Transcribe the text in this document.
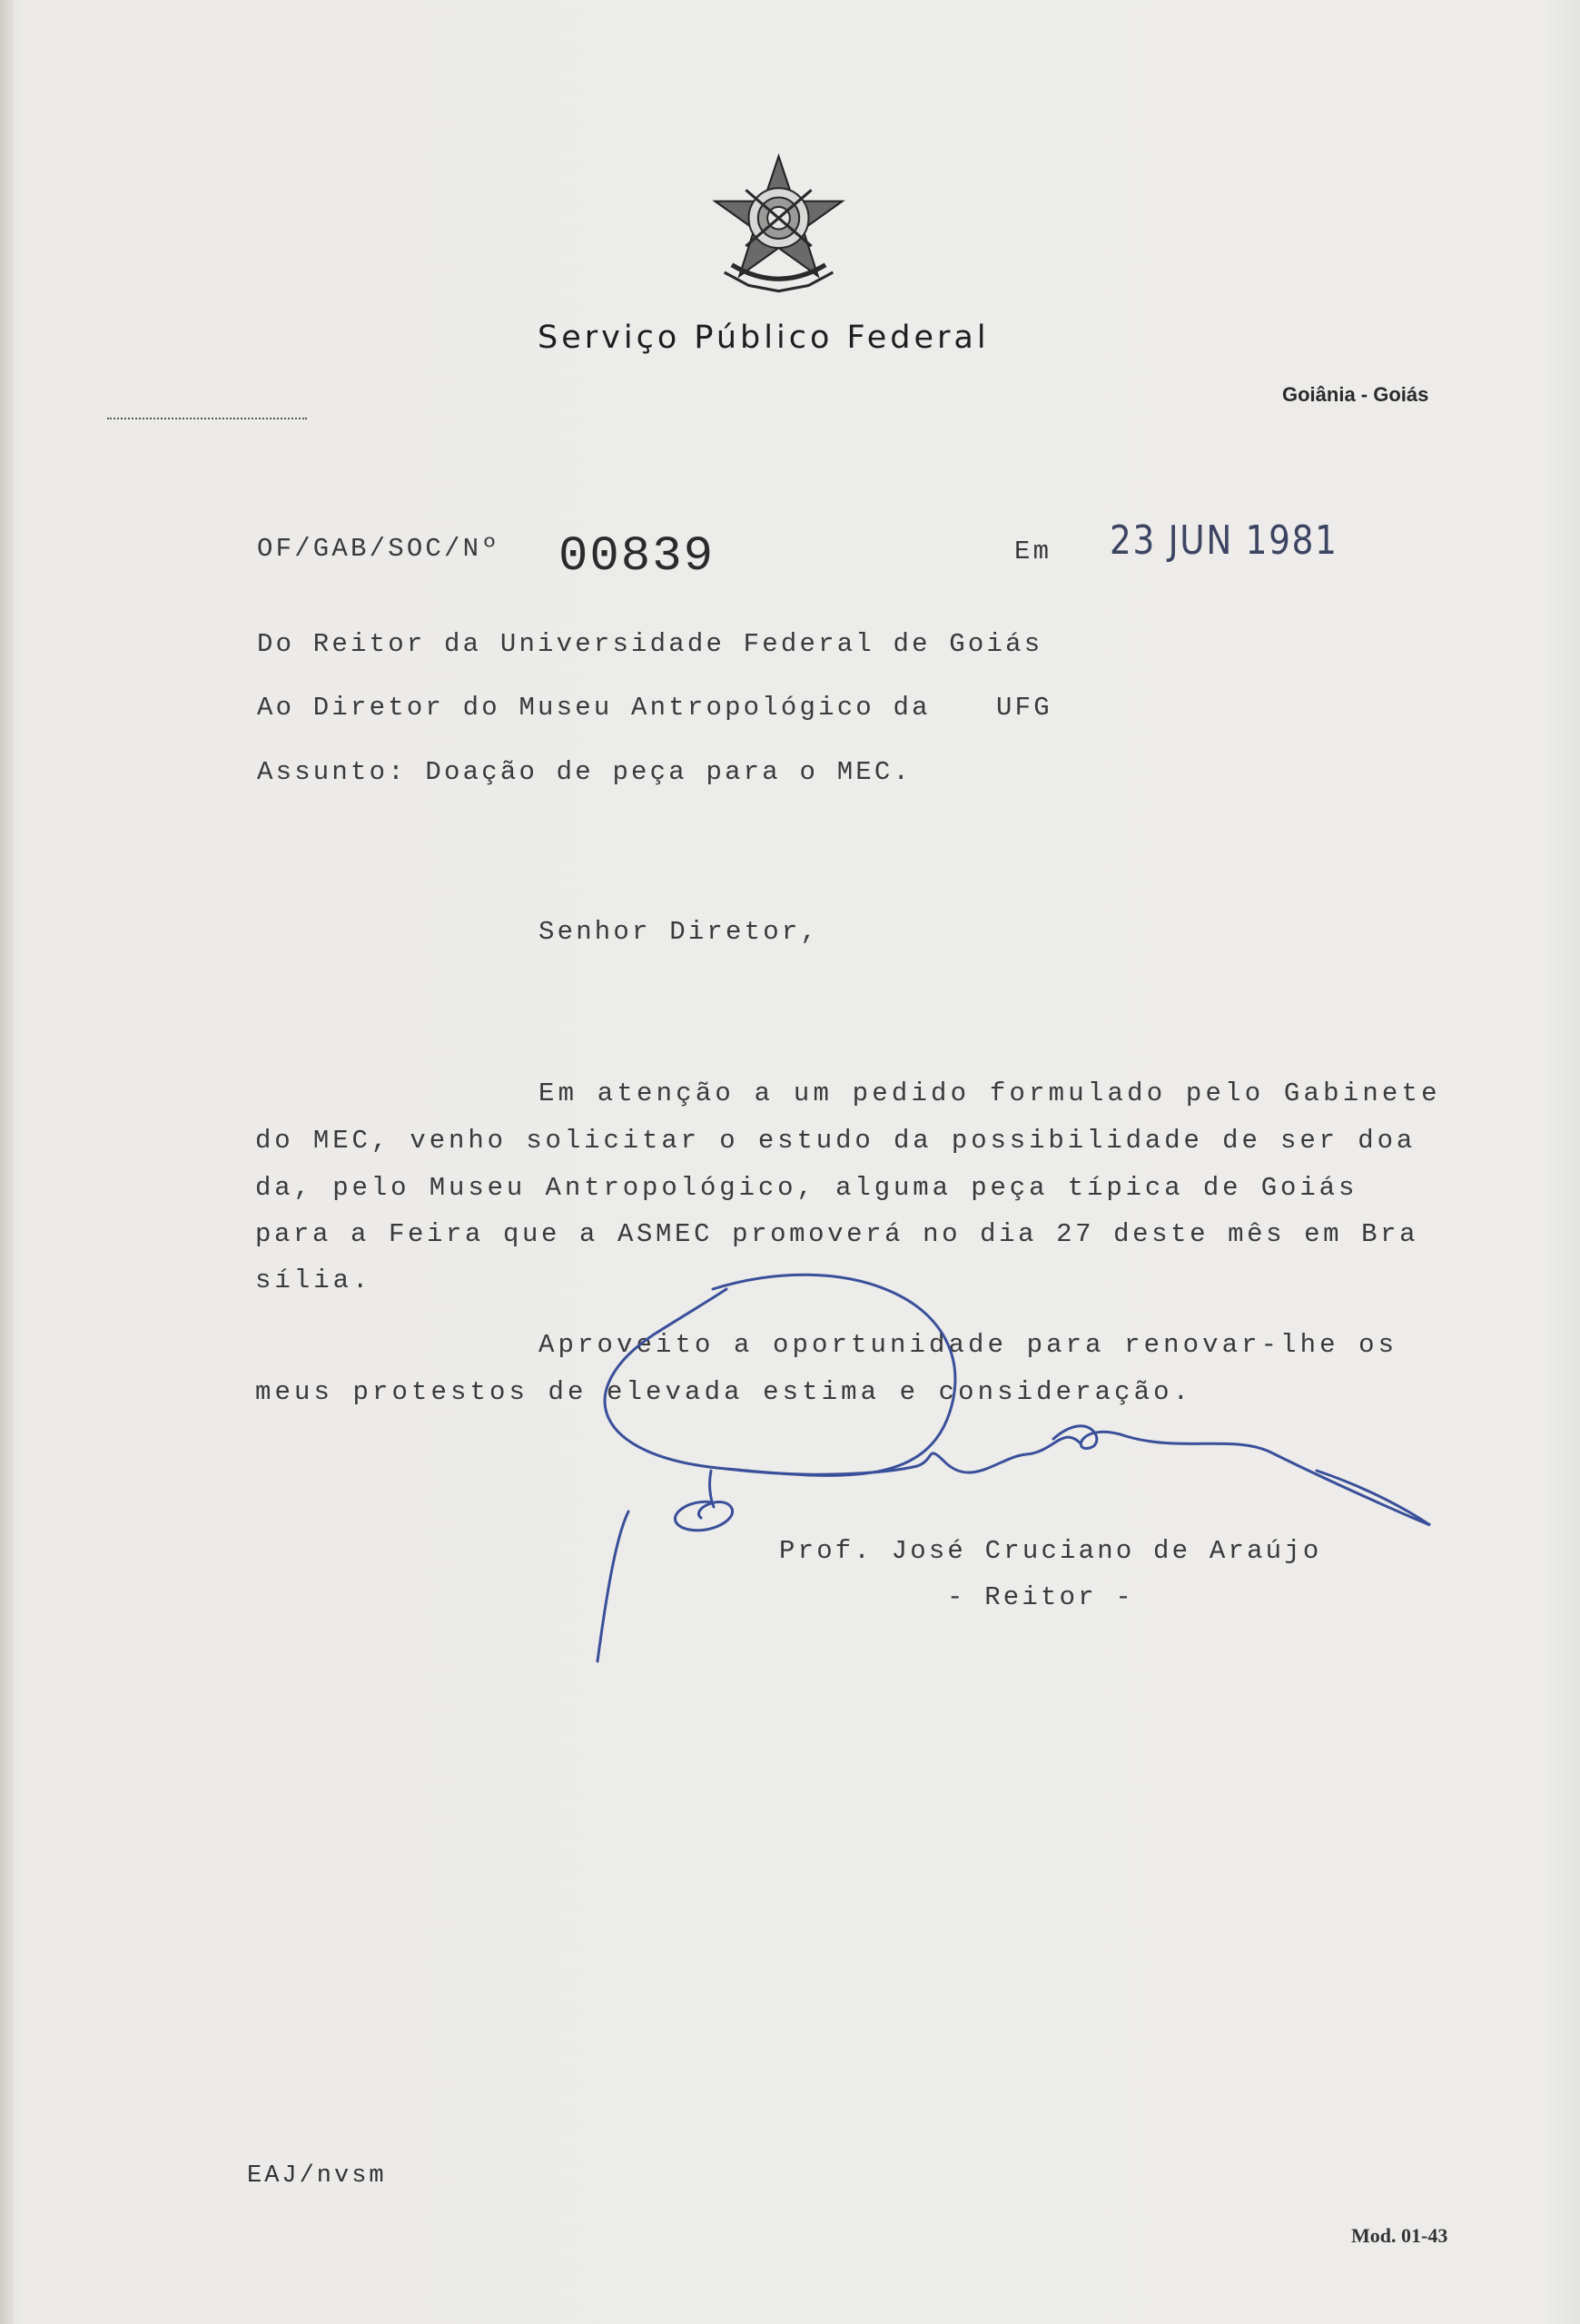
Serviço Público Federal
Goiânia - Goiás
OF/GAB/SOC/Nº 00839	Em 23 JUN 1981
Do Reitor da Universidade Federal de Goiás
Ao Diretor do Museu Antropológico da UFG
Assunto: Doação de peça para o MEC.
Senhor Diretor,
Em atenção a um pedido formulado pelo Gabinete
do MEC, venho solicitar o estudo da possibilidade de ser doa
da, pelo Museu Antropológico, alguma peça típica de Goiás
para a Feira que a ASMEC promoverá no dia 27 deste mês em Bra
sília.
Aproveito a oportunidade para renovar-lhe os
meus protestos de elevada estima e consideração.
Prof. José Cruciano de Araújo
- Reitor -
EAJ/nvsm
Mod. 01-43
